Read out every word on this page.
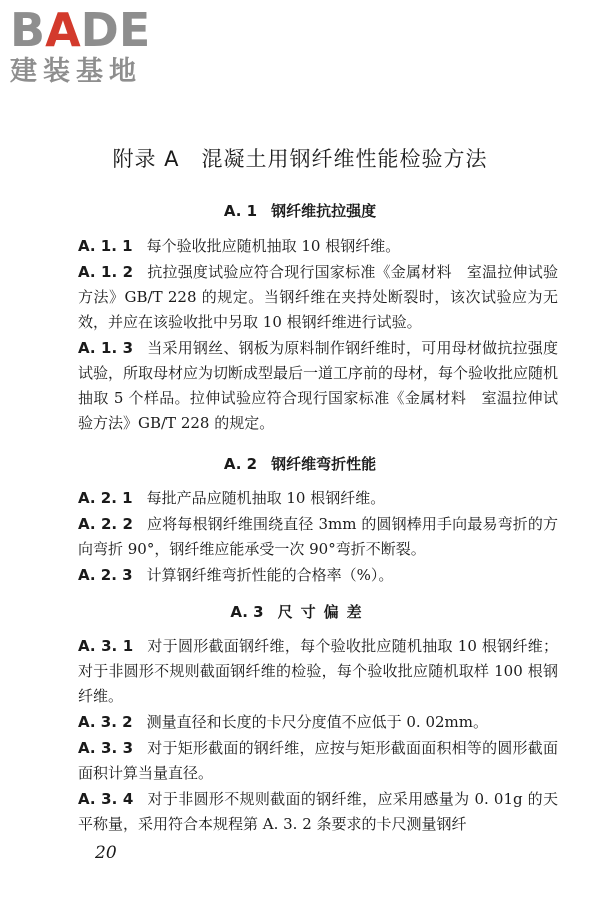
B A D E
建装基地
附录 A　混凝土用钢纤维性能检验方法
A. 1 钢纤维抗拉强度

A. 1. 1 每个验收批应随机抽取 10 根钢纤维。

A. 1. 2 抗拉强度试验应符合现行国家标准《金属材料　室温拉伸试验方法》GB/T 228 的规定。当钢纤维在夹持处断裂时，该次试验应为无效，并应在该验收批中另取 10 根钢纤维进行试验。

A. 1. 3 当采用钢丝、钢板为原料制作钢纤维时，可用母材做抗拉强度试验，所取母材应为切断成型最后一道工序前的母材，每个验收批应随机抽取 5 个样品。拉伸试验应符合现行国家标准《金属材料　室温拉伸试验方法》GB/T 228 的规定。

A. 2 钢纤维弯折性能

A. 2. 1 每批产品应随机抽取 10 根钢纤维。

A. 2. 2 应将每根钢纤维围绕直径 3mm 的圆钢棒用手向最易弯折的方向弯折 90°，钢纤维应能承受一次 90°弯折不断裂。

A. 2. 3 计算钢纤维弯折性能的合格率（%）。

A. 3 尺寸偏差

A. 3. 1 对于圆形截面钢纤维，每个验收批应随机抽取 10 根钢纤维；对于非圆形不规则截面钢纤维的检验，每个验收批应随机取样 100 根钢纤维。

A. 3. 2 测量直径和长度的卡尺分度值不应低于 0. 02mm。

A. 3. 3 对于矩形截面的钢纤维，应按与矩形截面面积相等的圆形截面面积计算当量直径。

A. 3. 4 对于非圆形不规则截面的钢纤维，应采用感量为 0. 01g 的天平称量，采用符合本规程第 A. 3. 2 条要求的卡尺测量钢纤

20
